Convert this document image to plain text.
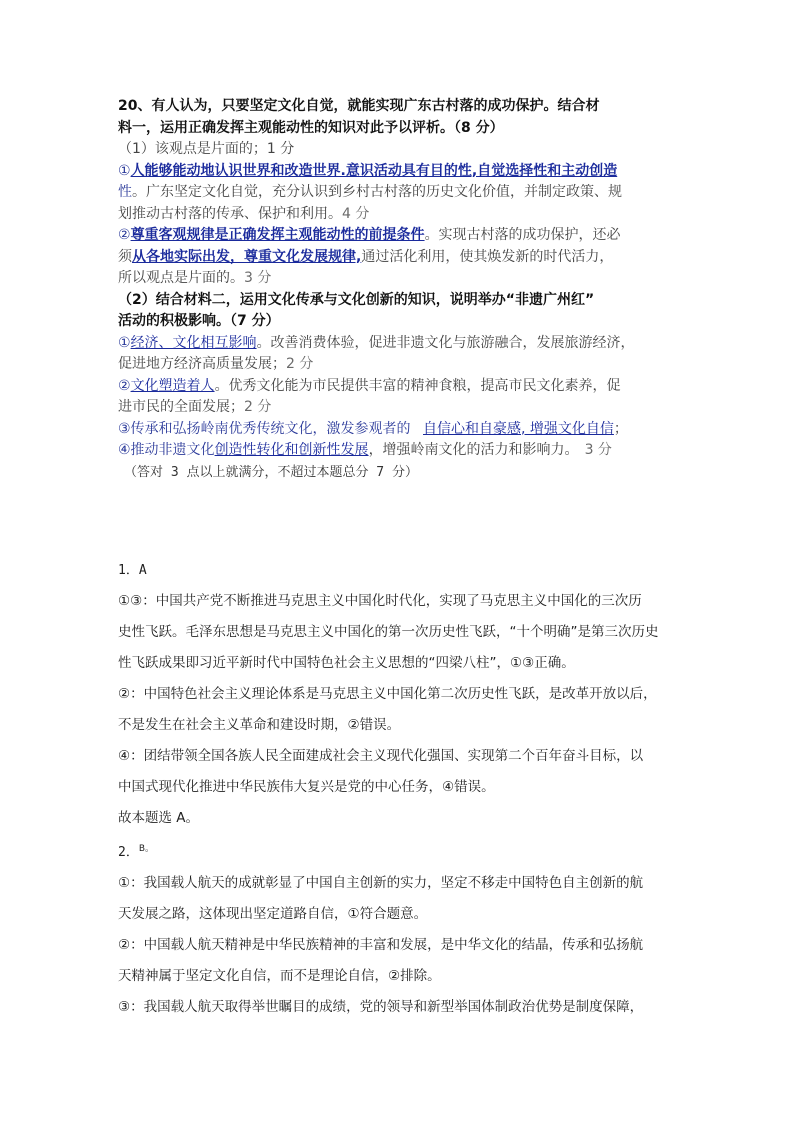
20、有人认为，只要坚定文化自觉，就能实现广东古村落的成功保护。结合材
料一，运用正确发挥主观能动性的知识对此予以评析。（8 分）

（1）该观点是片面的；1 分

①人能够能动地认识世界和改造世界.意识活动具有目的性,自觉选择性和主动创造
性。广东坚定文化自觉，充分认识到乡村古村落的历史文化价值，并制定政策、规
划推动古村落的传承、保护和利用。4 分

②尊重客观规律是正确发挥主观能动性的前提条件。实现古村落的成功保护，还必
须从各地实际出发，尊重文化发展规律,通过活化利用，使其焕发新的时代活力，
所以观点是片面的。3 分

（2）结合材料二，运用文化传承与文化创新的知识，说明举办“非遗广州红”
活动的积极影响。（7 分）

①经济、文化相互影响。改善消费体验，促进非遗文化与旅游融合，发展旅游经济，
促进地方经济高质量发展；2 分

②文化塑造着人。优秀文化能为市民提供丰富的精神食粮，提高市民文化素养，促
进市民的全面发展；2 分

③传承和弘扬岭南优秀传统文化，激发参观者的 自信心和自豪感, 增强文化自信；

④推动非遗文化创造性转化和创新性发展，增强岭南文化的活力和影响力。 3 分

（答对 3 点以上就满分，不超过本题总分 7 分）

1．A

①③：中国共产党不断推进马克思主义中国化时代化，实现了马克思主义中国化的三次历

史性飞跃。毛泽东思想是马克思主义中国化的第一次历史性飞跃，“十个明确”是第三次历史

性飞跃成果即习近平新时代中国特色社会主义思想的“四梁八柱”，①③正确。

②：中国特色社会主义理论体系是马克思主义中国化第二次历史性飞跃，是改革开放以后，

不是发生在社会主义革命和建设时期，②错误。

④：团结带领全国各族人民全面建成社会主义现代化强国、实现第二个百年奋斗目标，以

中国式现代化推进中华民族伟大复兴是党的中心任务，④错误。

故本题选 A。

2．$^{B。}$

①：我国载人航天的成就彰显了中国自主创新的实力，坚定不移走中国特色自主创新的航

天发展之路，这体现出坚定道路自信，①符合题意。

②：中国载人航天精神是中华民族精神的丰富和发展，是中华文化的结晶，传承和弘扬航

天精神属于坚定文化自信，而不是理论自信，②排除。

③：我国载人航天取得举世瞩目的成绩，党的领导和新型举国体制政治优势是制度保障，
